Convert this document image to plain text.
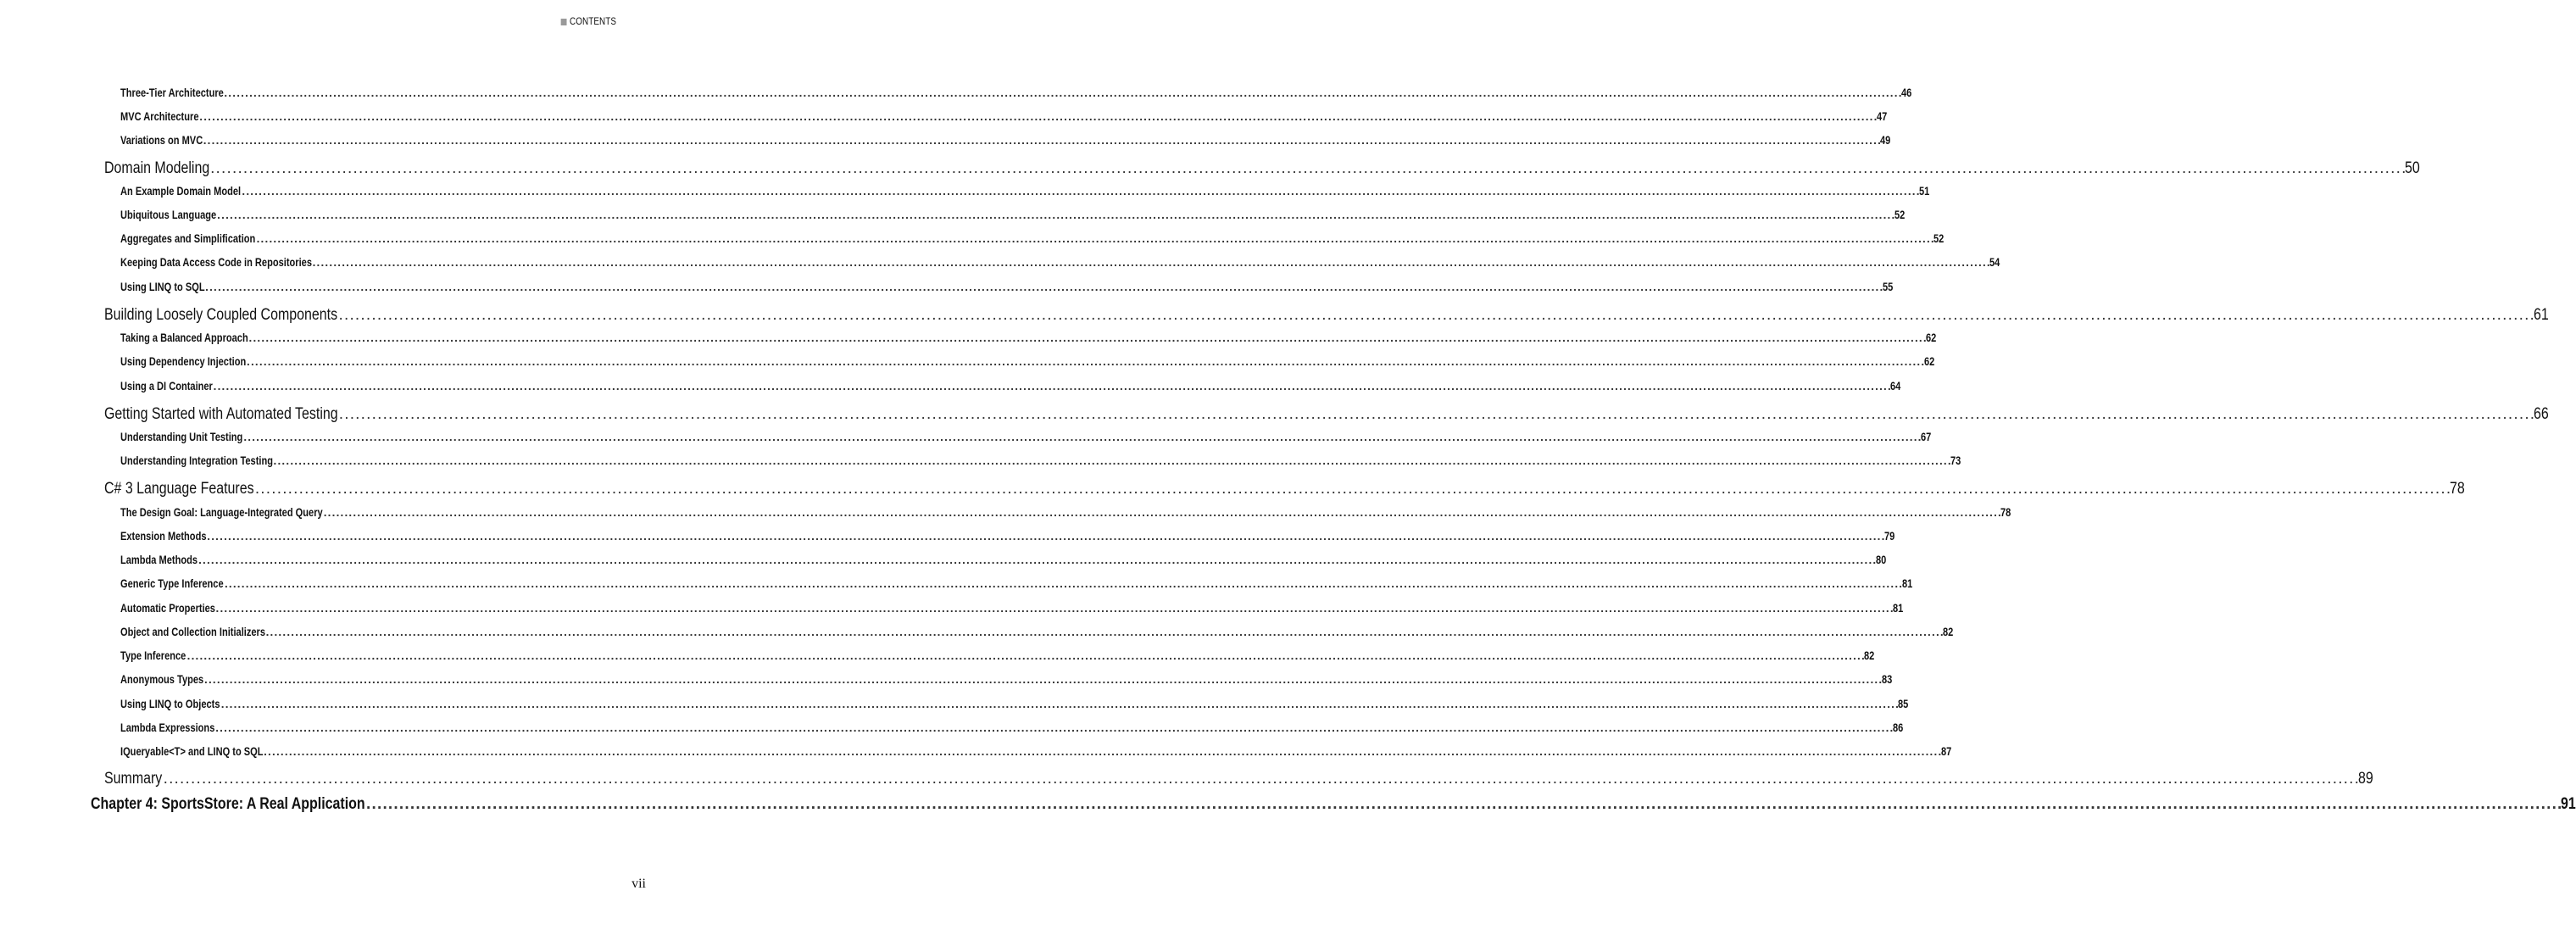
CONTENTS
Three-Tier Architecture ................................................................................................................................................................................................................................................................................................................................................................................................................
46
MVC Architecture ................................................................................................................................................................................................................................................................................................................................................................................................................
47
Variations on MVC ................................................................................................................................................................................................................................................................................................................................................................................................................
49
Domain Modeling ................................................................................................................................................................................................................................................................................................................................................................................................................
50
An Example Domain Model ................................................................................................................................................................................................................................................................................................................................................................................................................
51
Ubiquitous Language ................................................................................................................................................................................................................................................................................................................................................................................................................
52
Aggregates and Simplification ................................................................................................................................................................................................................................................................................................................................................................................................................
52
Keeping Data Access Code in Repositories ................................................................................................................................................................................................................................................................................................................................................................................................................
54
Using LINQ to SQL ................................................................................................................................................................................................................................................................................................................................................................................................................
55
Building Loosely Coupled Components ................................................................................................................................................................................................................................................................................................................................................................................................................
61
Taking a Balanced Approach ................................................................................................................................................................................................................................................................................................................................................................................................................
62
Using Dependency Injection ................................................................................................................................................................................................................................................................................................................................................................................................................
62
Using a DI Container ................................................................................................................................................................................................................................................................................................................................................................................................................
64
Getting Started with Automated Testing ................................................................................................................................................................................................................................................................................................................................................................................................................
66
Understanding Unit Testing ................................................................................................................................................................................................................................................................................................................................................................................................................
67
Understanding Integration Testing ................................................................................................................................................................................................................................................................................................................................................................................................................
73
C# 3 Language Features ................................................................................................................................................................................................................................................................................................................................................................................................................
78
The Design Goal: Language-Integrated Query ................................................................................................................................................................................................................................................................................................................................................................................................................
78
Extension Methods ................................................................................................................................................................................................................................................................................................................................................................................................................
79
Lambda Methods ................................................................................................................................................................................................................................................................................................................................................................................................................
80
Generic Type Inference ................................................................................................................................................................................................................................................................................................................................................................................................................
81
Automatic Properties ................................................................................................................................................................................................................................................................................................................................................................................................................
81
Object and Collection Initializers ................................................................................................................................................................................................................................................................................................................................................................................................................
82
Type Inference ................................................................................................................................................................................................................................................................................................................................................................................................................
82
Anonymous Types ................................................................................................................................................................................................................................................................................................................................................................................................................
83
Using LINQ to Objects ................................................................................................................................................................................................................................................................................................................................................................................................................
85
Lambda Expressions ................................................................................................................................................................................................................................................................................................................................................................................................................
86
IQueryable<T> and LINQ to SQL ................................................................................................................................................................................................................................................................................................................................................................................................................
87
Summary ................................................................................................................................................................................................................................................................................................................................................................................................................
89
Chapter 4: SportsStore: A Real Application ................................................................................................................................................................................................................................................................................................................................................................................................................
91
vii
